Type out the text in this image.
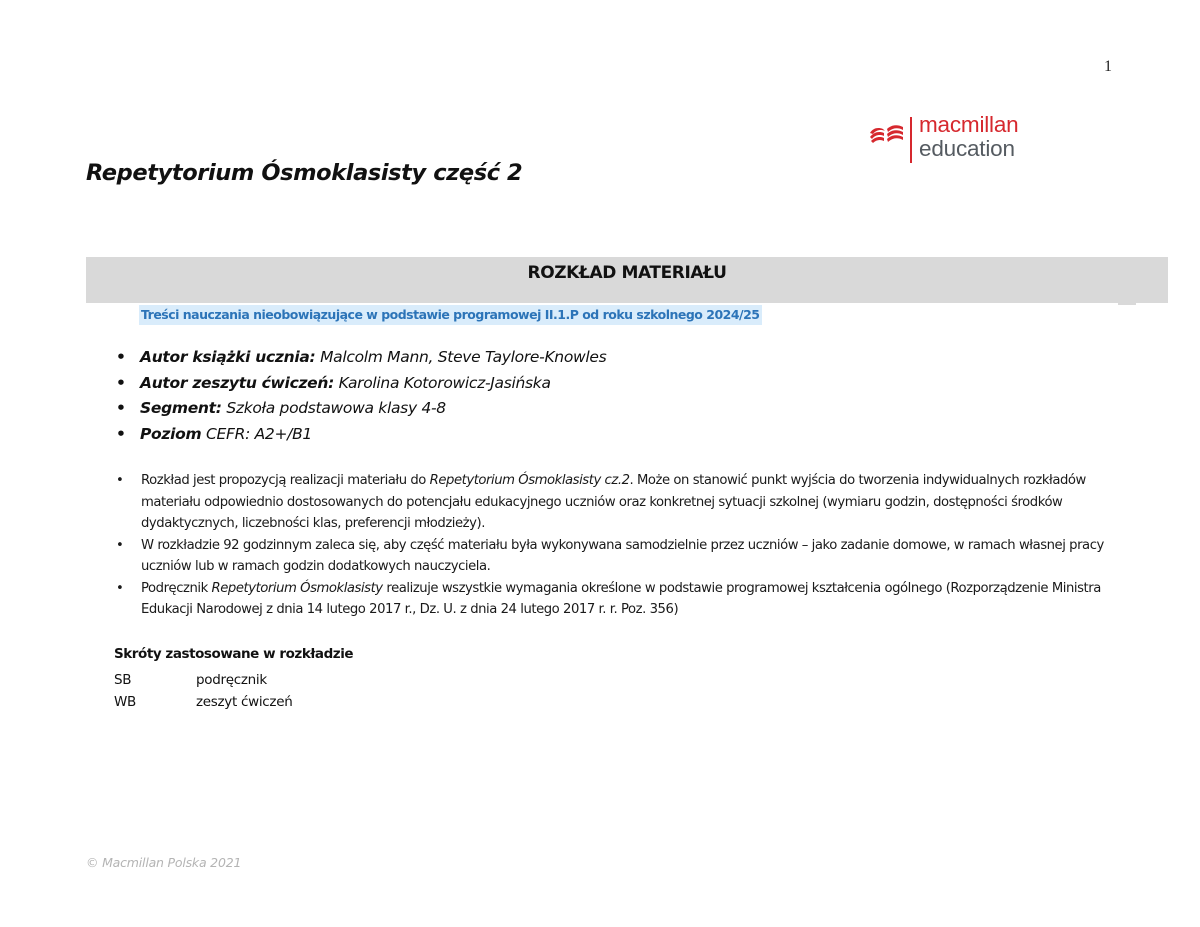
1
macmillan
education
Repetytorium Ósmoklasisty część 2
ROZKŁAD MATERIAŁU
Treści nauczania nieobowiązujące w podstawie programowej II.1.P od roku szkolnego 2024/25
• Autor książki ucznia: Malcolm Mann, Steve Taylore-Knowles
• Autor zeszytu ćwiczeń: Karolina Kotorowicz-Jasińska
• Segment: Szkoła podstawowa klasy 4-8
• Poziom CEFR: A2+/B1
• Rozkład jest propozycją realizacji materiału do Repetytorium Ósmoklasisty cz.2. Może on stanowić punkt wyjścia do tworzenia indywidualnych rozkładów materiału odpowiednio dostosowanych do potencjału edukacyjnego uczniów oraz konkretnej sytuacji szkolnej (wymiaru godzin, dostępności środków dydaktycznych, liczebności klas, preferencji młodzieży).
• W rozkładzie 92 godzinnym zaleca się, aby część materiału była wykonywana samodzielnie przez uczniów – jako zadanie domowe, w ramach własnej pracy uczniów lub w ramach godzin dodatkowych nauczyciela.
• Podręcznik Repetytorium Ósmoklasisty realizuje wszystkie wymagania określone w podstawie programowej kształcenia ogólnego (Rozporządzenie Ministra Edukacji Narodowej z dnia 14 lutego 2017 r., Dz. U. z dnia 24 lutego 2017 r. r. Poz. 356)
Skróty zastosowane w rozkładzie
SB	podręcznik
WB	zeszyt ćwiczeń
© Macmillan Polska 2021
